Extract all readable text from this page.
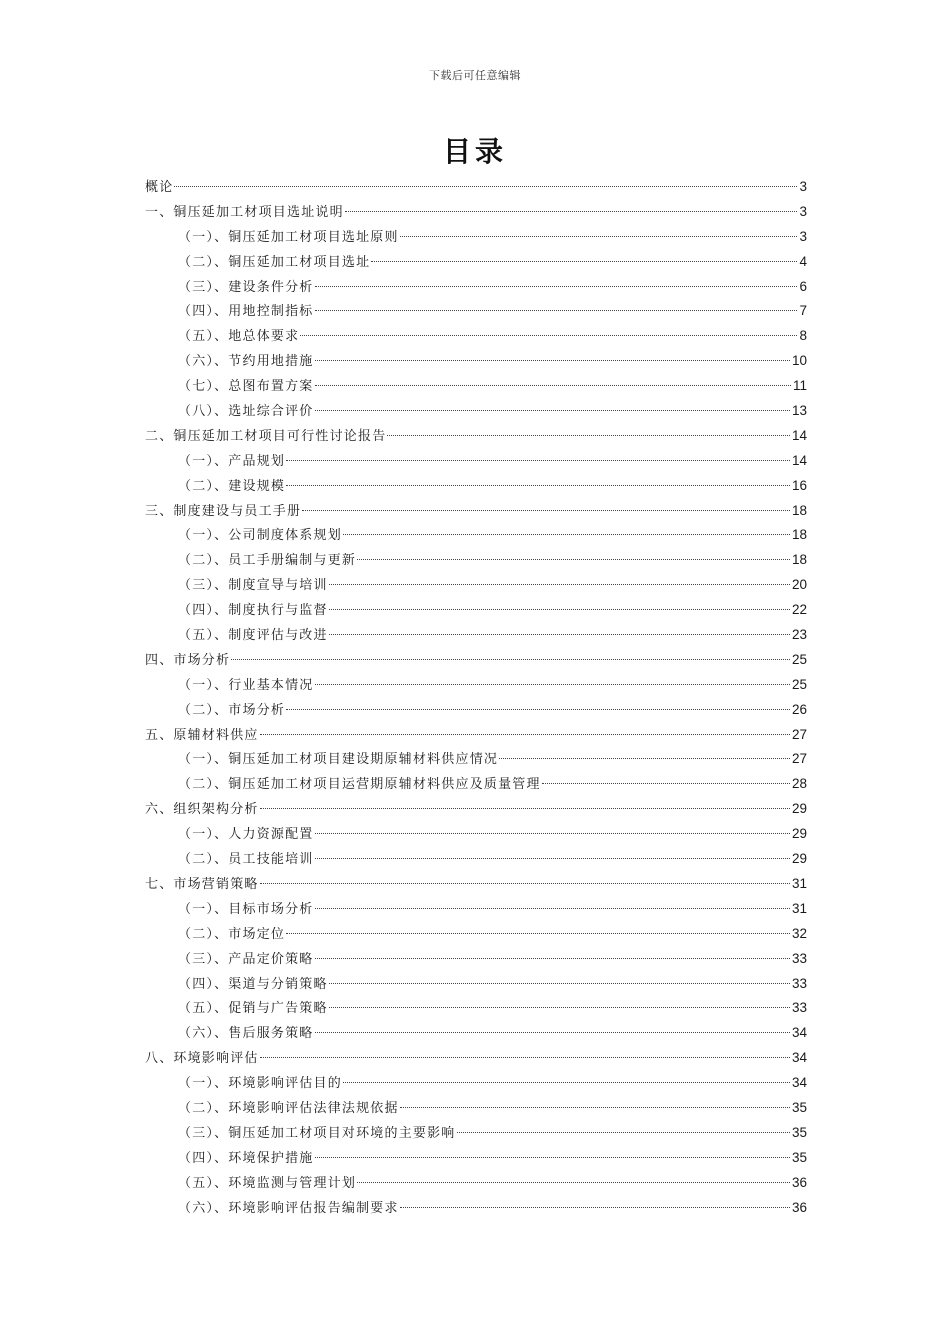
下载后可任意编辑
目录
概论	3
一、铜压延加工材项目选址说明	3
（一）、铜压延加工材项目选址原则	3
（二）、铜压延加工材项目选址	4
（三）、建设条件分析	6
（四）、用地控制指标	7
（五）、地总体要求	8
（六）、节约用地措施	10
（七）、总图布置方案	11
（八）、选址综合评价	13
二、铜压延加工材项目可行性讨论报告	14
（一）、产品规划	14
（二）、建设规模	16
三、制度建设与员工手册	18
（一）、公司制度体系规划	18
（二）、员工手册编制与更新	18
（三）、制度宣导与培训	20
（四）、制度执行与监督	22
（五）、制度评估与改进	23
四、市场分析	25
（一）、行业基本情况	25
（二）、市场分析	26
五、原辅材料供应	27
（一）、铜压延加工材项目建设期原辅材料供应情况	27
（二）、铜压延加工材项目运营期原辅材料供应及质量管理	28
六、组织架构分析	29
（一）、人力资源配置	29
（二）、员工技能培训	29
七、市场营销策略	31
（一）、目标市场分析	31
（二）、市场定位	32
（三）、产品定价策略	33
（四）、渠道与分销策略	33
（五）、促销与广告策略	33
（六）、售后服务策略	34
八、环境影响评估	34
（一）、环境影响评估目的	34
（二）、环境影响评估法律法规依据	35
（三）、铜压延加工材项目对环境的主要影响	35
（四）、环境保护措施	35
（五）、环境监测与管理计划	36
（六）、环境影响评估报告编制要求	36
